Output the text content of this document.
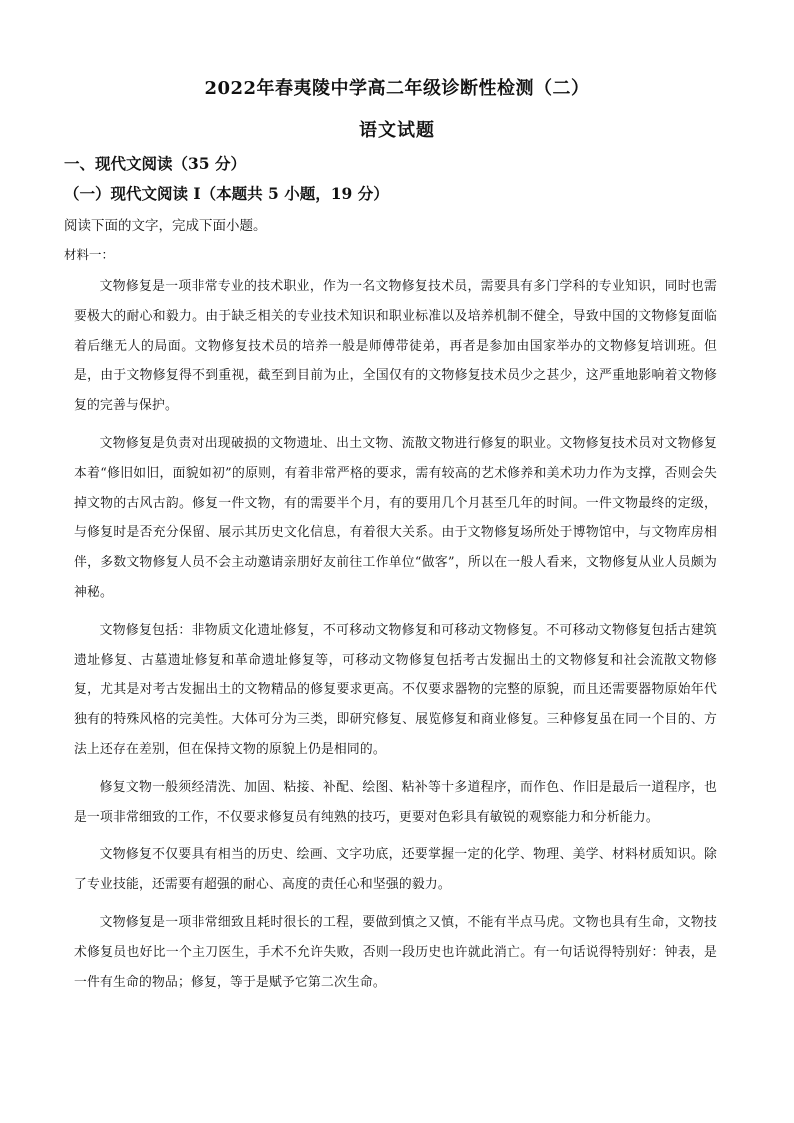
2022年春夷陵中学高二年级诊断性检测（二）
语文试题
一、现代文阅读（35 分）
（一）现代文阅读 I（本题共 5 小题，19 分）
阅读下面的文字，完成下面小题。
材料一：

文物修复是一项非常专业的技术职业，作为一名文物修复技术员，需要具有多门学科的专业知识，同时也需要极大的耐心和毅力。由于缺乏相关的专业技术知识和职业标准以及培养机制不健全，导致中国的文物修复面临着后继无人的局面。文物修复技术员的培养一般是师傅带徒弟，再者是参加由国家举办的文物修复培训班。但是，由于文物修复得不到重视，截至到目前为止，全国仅有的文物修复技术员少之甚少，这严重地影响着文物修复的完善与保护。

文物修复是负责对出现破损的文物遗址、出土文物、流散文物进行修复的职业。文物修复技术员对文物修复本着“修旧如旧，面貌如初”的原则，有着非常严格的要求，需有较高的艺术修养和美术功力作为支撑，否则会失掉文物的古风古韵。修复一件文物，有的需要半个月，有的要用几个月甚至几年的时间。一件文物最终的定级，与修复时是否充分保留、展示其历史文化信息，有着很大关系。由于文物修复场所处于博物馆中，与文物库房相伴，多数文物修复人员不会主动邀请亲朋好友前往工作单位“做客”，所以在一般人看来，文物修复从业人员颇为神秘。

文物修复包括：非物质文化遗址修复，不可移动文物修复和可移动文物修复。不可移动文物修复包括古建筑遗址修复、古墓遗址修复和革命遗址修复等，可移动文物修复包括考古发掘出土的文物修复和社会流散文物修复，尤其是对考古发掘出土的文物精品的修复要求更高。不仅要求器物的完整的原貌，而且还需要器物原始年代独有的特殊风格的完美性。大体可分为三类，即研究修复、展览修复和商业修复。三种修复虽在同一个目的、方法上还存在差别，但在保持文物的原貌上仍是相同的。

修复文物一般须经清洗、加固、粘接、补配、绘图、粘补等十多道程序，而作色、作旧是最后一道程序，也是一项非常细致的工作，不仅要求修复员有纯熟的技巧，更要对色彩具有敏锐的观察能力和分析能力。

文物修复不仅要具有相当的历史、绘画、文字功底，还要掌握一定的化学、物理、美学、材料材质知识。除了专业技能，还需要有超强的耐心、高度的责任心和坚强的毅力。

文物修复是一项非常细致且耗时很长的工程，要做到慎之又慎，不能有半点马虎。文物也具有生命，文物技术修复员也好比一个主刀医生，手术不允许失败，否则一段历史也许就此消亡。有一句话说得特别好：钟表，是一件有生命的物品；修复，等于是赋予它第二次生命。
